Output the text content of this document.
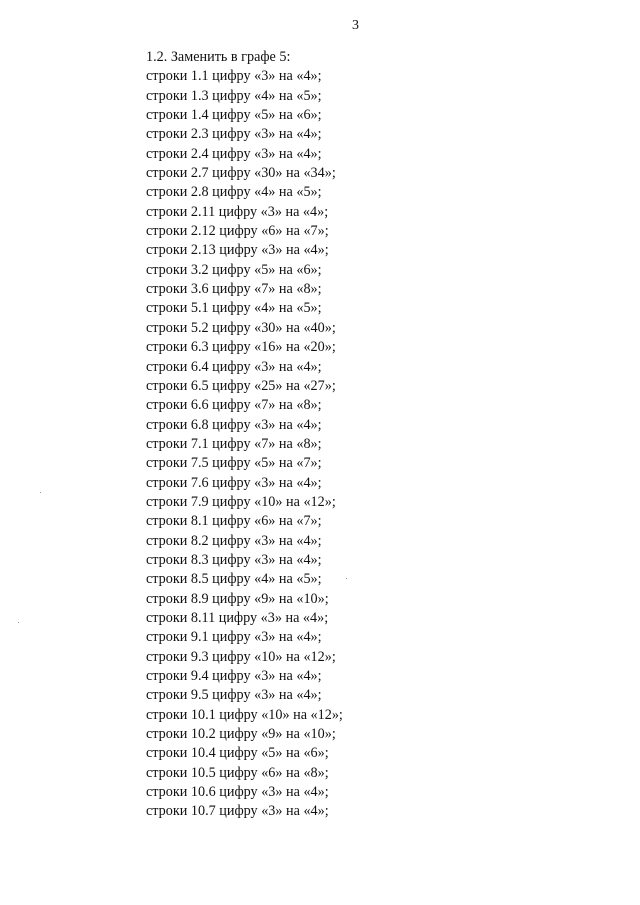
3
1.2. Заменить в графе 5:
строки 1.1 цифру «3» на «4»;
строки 1.3 цифру «4» на «5»;
строки 1.4 цифру «5» на «6»;
строки 2.3 цифру «3» на «4»;
строки 2.4 цифру «3» на «4»;
строки 2.7 цифру «30» на «34»;
строки 2.8 цифру «4» на «5»;
строки 2.11 цифру «3» на «4»;
строки 2.12 цифру «6» на «7»;
строки 2.13 цифру «3» на «4»;
строки 3.2 цифру «5» на «6»;
строки 3.6 цифру «7» на «8»;
строки 5.1 цифру «4» на «5»;
строки 5.2 цифру «30» на «40»;
строки 6.3 цифру «16» на «20»;
строки 6.4 цифру «3» на «4»;
строки 6.5 цифру «25» на «27»;
строки 6.6 цифру «7» на «8»;
строки 6.8 цифру «3» на «4»;
строки 7.1 цифру «7» на «8»;
строки 7.5 цифру «5» на «7»;
строки 7.6 цифру «3» на «4»;
строки 7.9 цифру «10» на «12»;
строки 8.1 цифру «6» на «7»;
строки 8.2 цифру «3» на «4»;
строки 8.3 цифру «3» на «4»;
строки 8.5 цифру «4» на «5»;
строки 8.9 цифру «9» на «10»;
строки 8.11 цифру «3» на «4»;
строки 9.1 цифру «3» на «4»;
строки 9.3 цифру «10» на «12»;
строки 9.4 цифру «3» на «4»;
строки 9.5 цифру «3» на «4»;
строки 10.1 цифру «10» на «12»;
строки 10.2 цифру «9» на «10»;
строки 10.4 цифру «5» на «6»;
строки 10.5 цифру «6» на «8»;
строки 10.6 цифру «3» на «4»;
строки 10.7 цифру «3» на «4»;
